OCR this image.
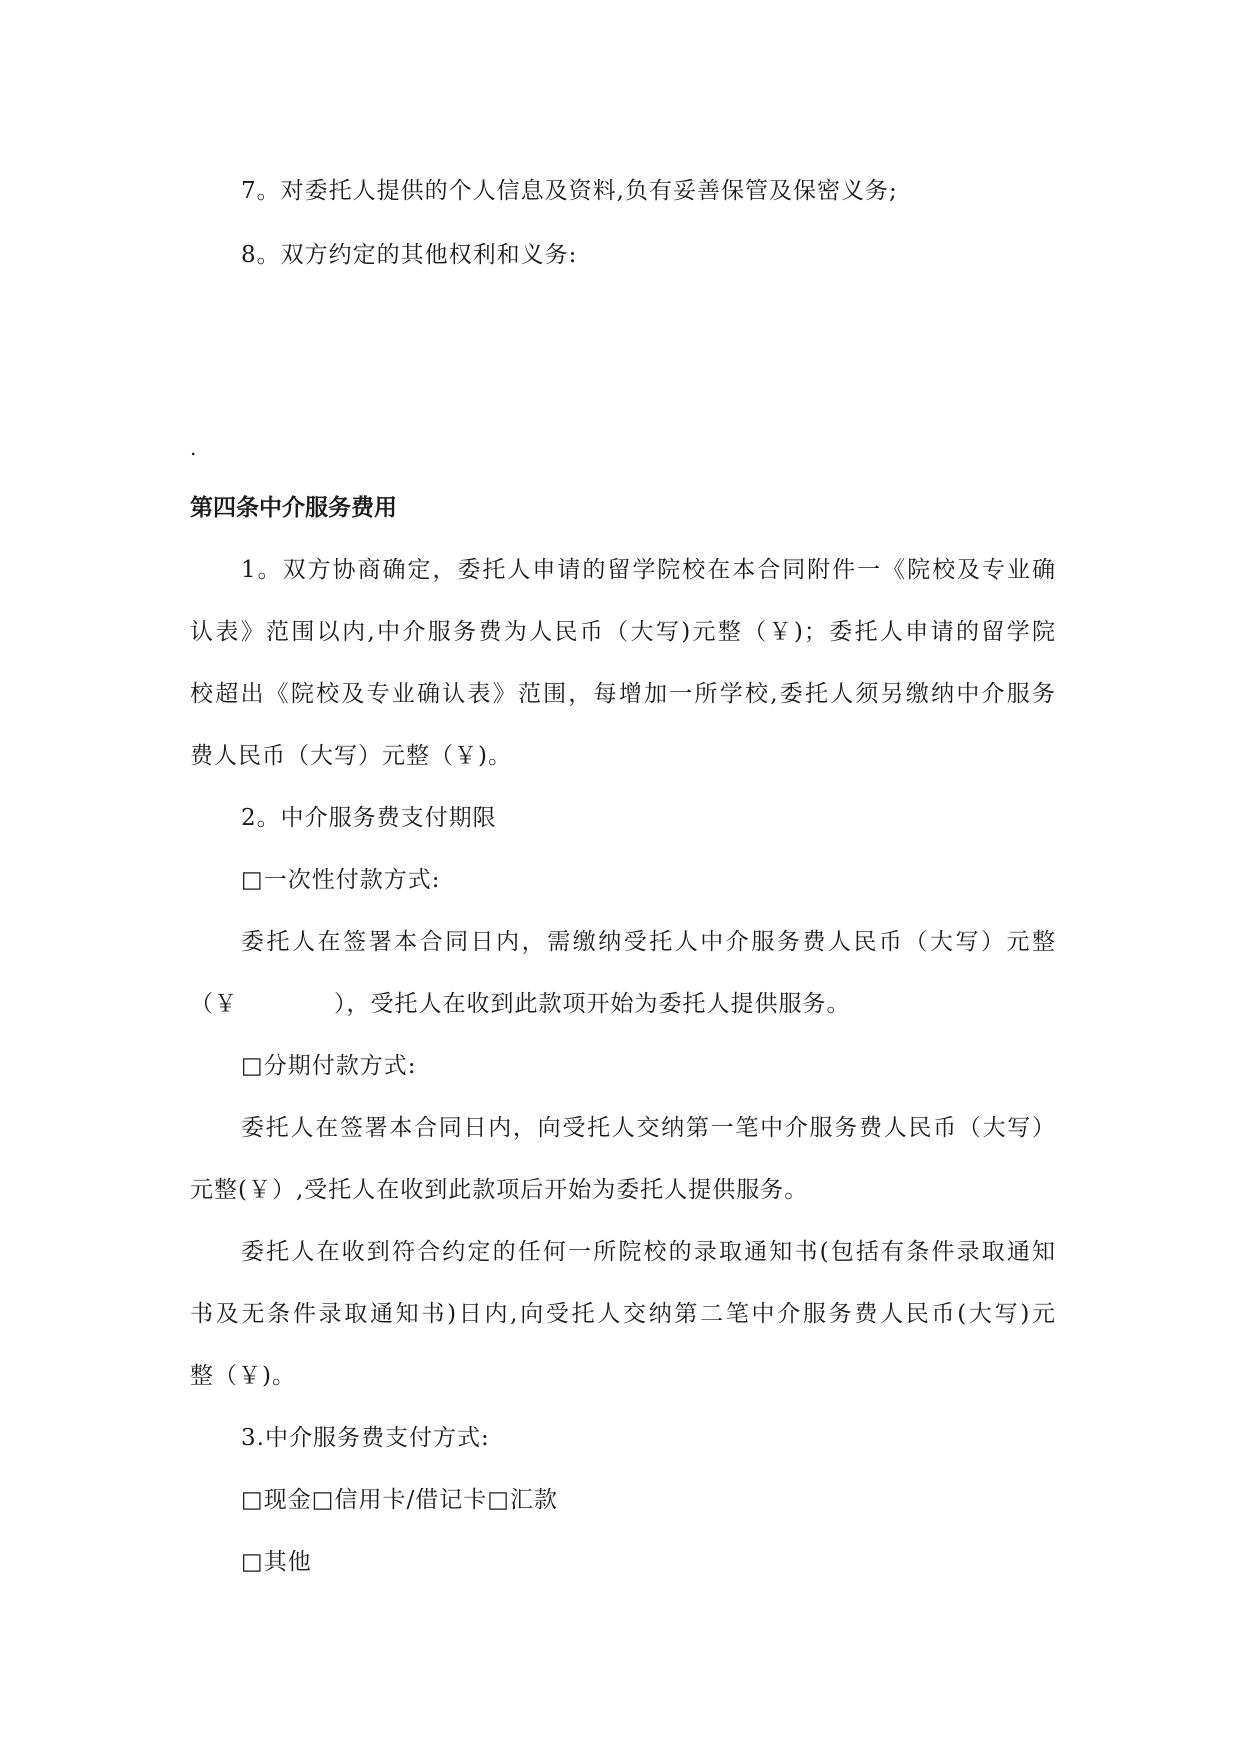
7。对委托人提供的个人信息及资料,负有妥善保管及保密义务;
8。双方约定的其他权利和义务:
.
第四条中介服务费用
1。双方协商确定，委托人申请的留学院校在本合同附件一《院校及专业确
认表》范围以内,中介服务费为人民币（大写)元整（￥)；委托人申请的留学院
校超出《院校及专业确认表》范围，每增加一所学校,委托人须另缴纳中介服务
费人民币（大写）元整（￥)。
2。中介服务费支付期限
□一次性付款方式:
委托人在签署本合同日内，需缴纳受托人中介服务费人民币（大写）元整
（￥　　　　），受托人在收到此款项开始为委托人提供服务。
□分期付款方式:
委托人在签署本合同日内，向受托人交纳第一笔中介服务费人民币（大写）
元整(￥）,受托人在收到此款项后开始为委托人提供服务。
委托人在收到符合约定的任何一所院校的录取通知书(包括有条件录取通知
书及无条件录取通知书)日内,向受托人交纳第二笔中介服务费人民币(大写)元
整（￥)。
3.中介服务费支付方式:
□现金□信用卡/借记卡□汇款
□其他
